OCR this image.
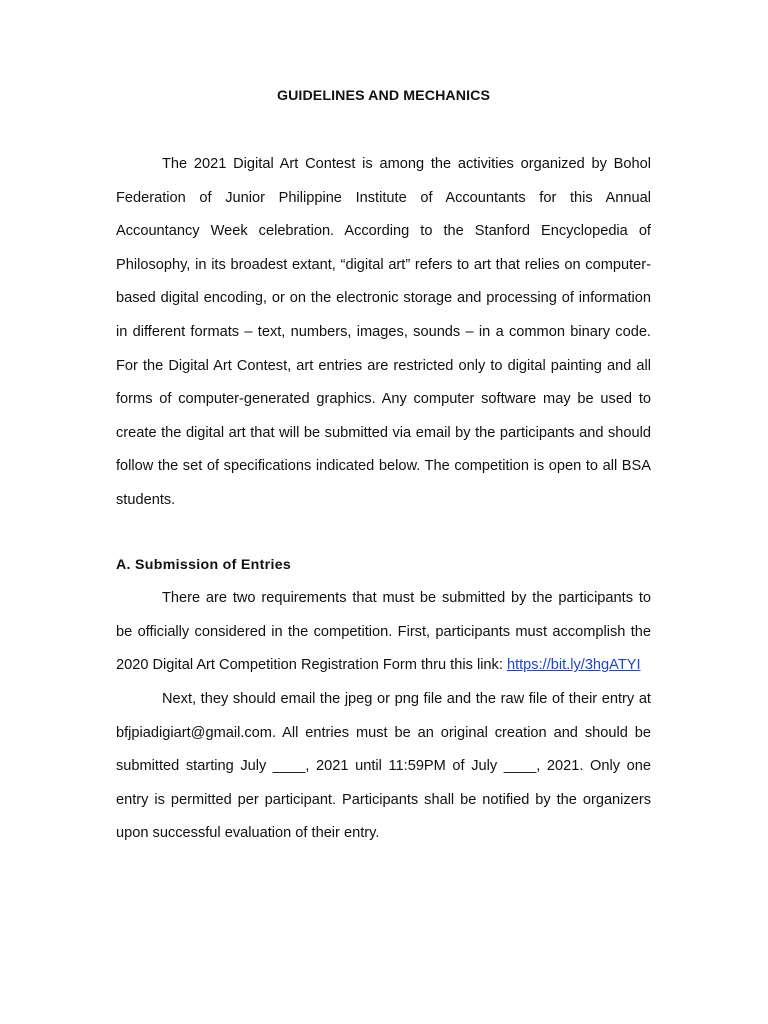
GUIDELINES AND MECHANICS

The 2021 Digital Art Contest is among the activities organized by Bohol Federation of Junior Philippine Institute of Accountants for this Annual Accountancy Week celebration. According to the Stanford Encyclopedia of Philosophy, in its broadest extant, “digital art” refers to art that relies on computer-based digital encoding, or on the electronic storage and processing of information in different formats – text, numbers, images, sounds – in a common binary code. For the Digital Art Contest, art entries are restricted only to digital painting and all forms of computer-generated graphics. Any computer software may be used to create the digital art that will be submitted via email by the participants and should follow the set of specifications indicated below. The competition is open to all BSA students.

A. Submission of Entries

There are two requirements that must be submitted by the participants to be officially considered in the competition. First, participants must accomplish the 2020 Digital Art Competition Registration Form thru this link: https://bit.ly/3hgATYI

Next, they should email the jpeg or png file and the raw file of their entry at bfjpiadigiart@gmail.com. All entries must be an original creation and should be submitted starting July ____, 2021 until 11:59PM of July ____, 2021. Only one entry is permitted per participant. Participants shall be notified by the organizers upon successful evaluation of their entry.
